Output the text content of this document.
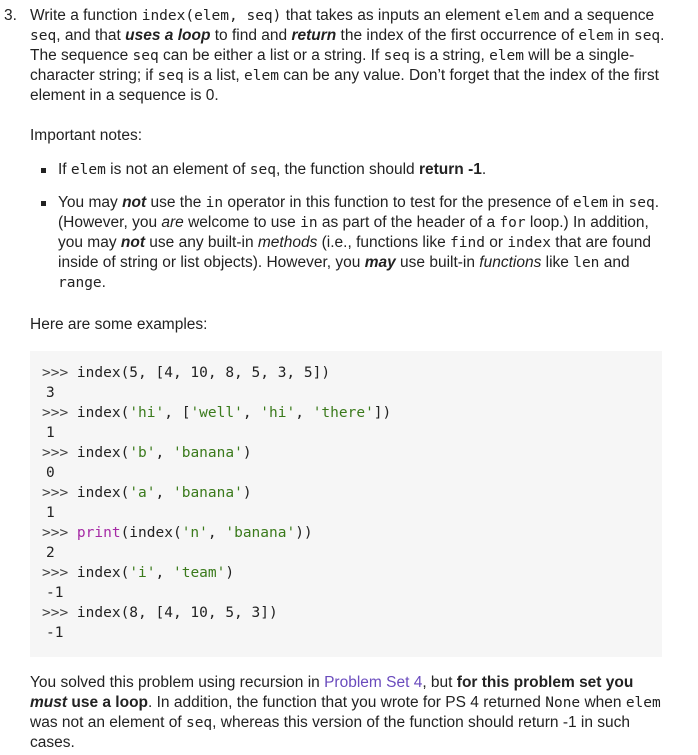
3. Write a function index(elem, seq) that takes as inputs an element elem and a sequence seq, and that uses a loop to find and return the index of the first occurrence of elem in seq. The sequence seq can be either a list or a string. If seq is a string, elem will be a single-character string; if seq is a list, elem can be any value. Don’t forget that the index of the first element in a sequence is 0.

Important notes:

If elem is not an element of seq, the function should return -1.
You may not use the in operator in this function to test for the presence of elem in seq. (However, you are welcome to use in as part of the header of a for loop.) In addition, you may not use any built-in methods (i.e., functions like find or index that are found inside of string or list objects). However, you may use built-in functions like len and range.

Here are some examples:

>>> index(5, [4, 10, 8, 5, 3, 5])
3
>>> index('hi', ['well', 'hi', 'there'])
1
>>> index('b', 'banana')
0
>>> index('a', 'banana')
1
>>> print(index('n', 'banana'))
2
>>> index('i', 'team')
-1
>>> index(8, [4, 10, 5, 3])
-1

You solved this problem using recursion in Problem Set 4, but for this problem set you must use a loop. In addition, the function that you wrote for PS 4 returned None when elem was not an element of seq, whereas this version of the function should return -1 in such cases.
